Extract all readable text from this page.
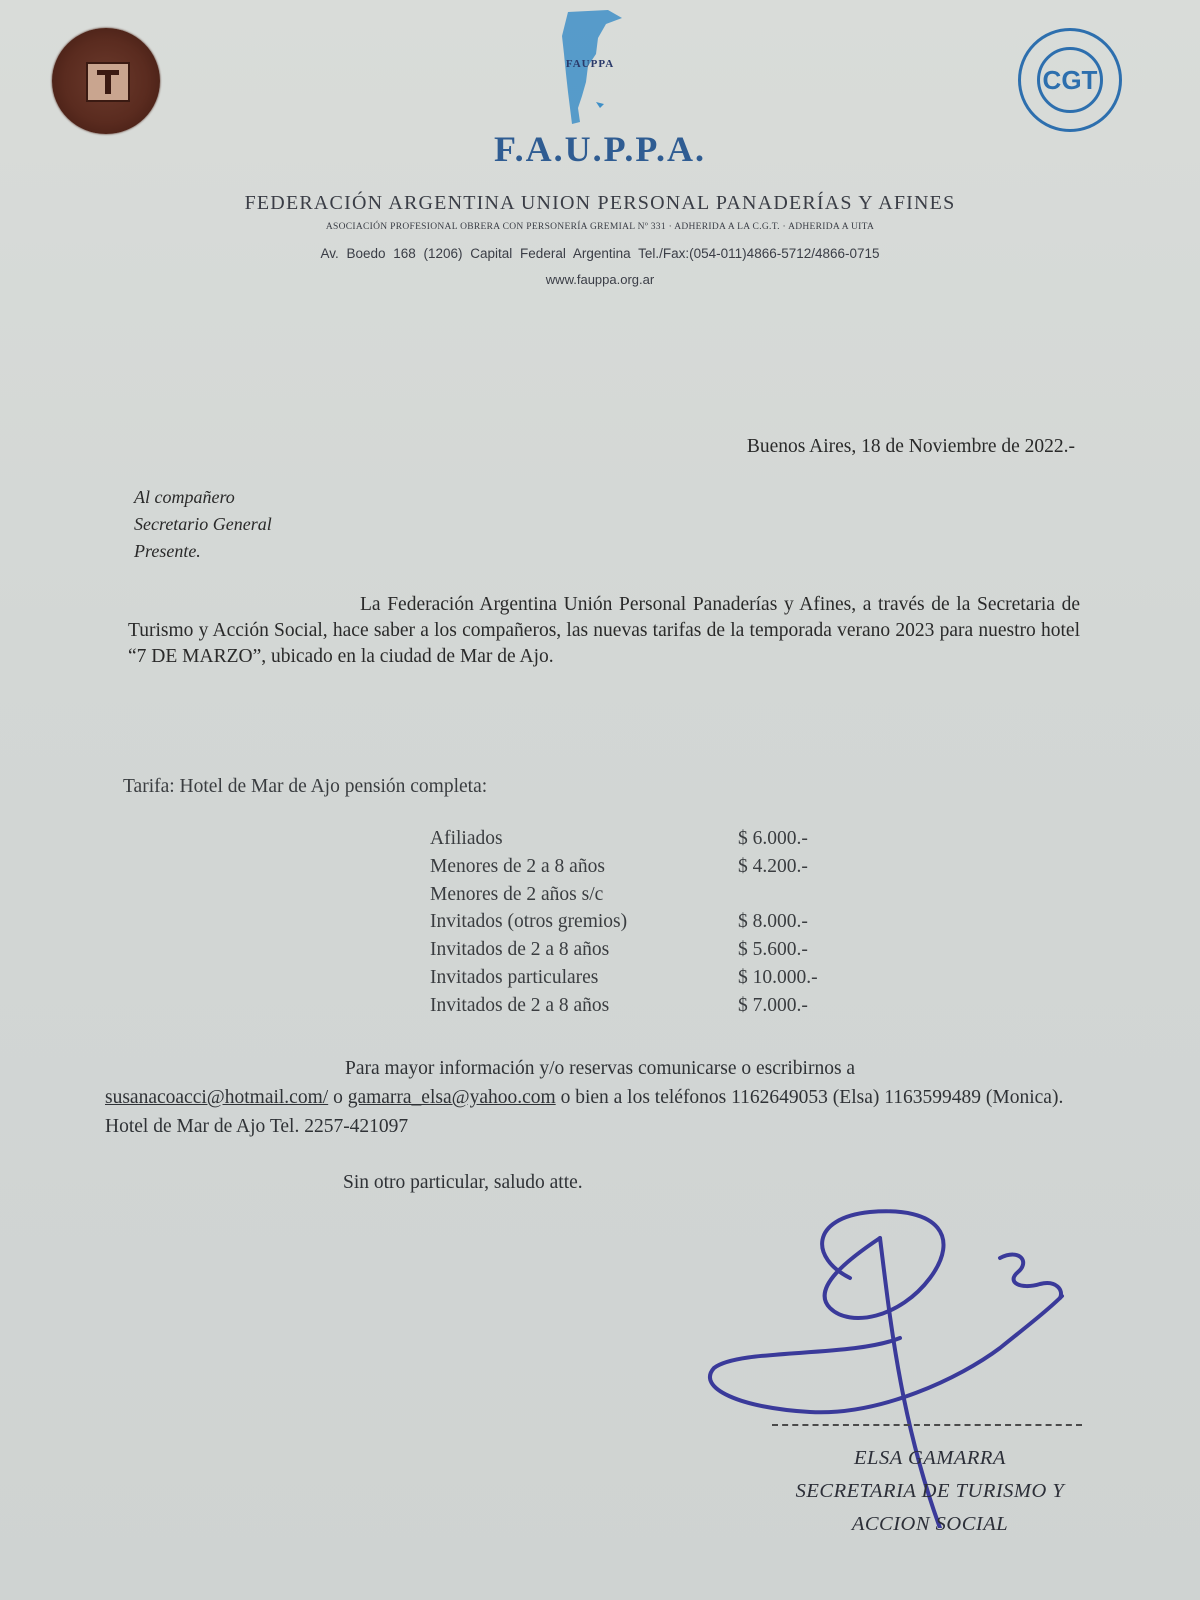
FAUPPA
F.A.U.P.P.A.
CGT
FEDERACIÓN ARGENTINA UNION PERSONAL PANADERÍAS Y AFINES
ASOCIACIÓN PROFESIONAL OBRERA CON PERSONERÍA GREMIAL Nº 331 · ADHERIDA A LA C.G.T. · ADHERIDA A UITA
Av. Boedo 168 (1206) Capital Federal Argentina Tel./Fax:(054-011)4866-5712/4866-0715
www.fauppa.org.ar
Buenos Aires, 18 de Noviembre de 2022.-
Al compañero
Secretario General
Presente.
La Federación Argentina Unión Personal Panaderías y Afines, a través de la Secretaria de Turismo y Acción Social, hace saber a los compañeros, las nuevas tarifas de la temporada verano 2023 para nuestro hotel “7 DE MARZO”, ubicado en la ciudad de Mar de Ajo.
Tarifa: Hotel de Mar de Ajo pensión completa:
Afiliados	$ 6.000.-
Menores de 2 a 8 años	$ 4.200.-
Menores de 2 años s/c
Invitados (otros gremios)	$ 8.000.-
Invitados de 2 a 8 años	$ 5.600.-
Invitados particulares	$ 10.000.-
Invitados de 2 a 8 años	$ 7.000.-
Para mayor información y/o reservas comunicarse o escribirnos a
susanacoacci@hotmail.com/ o gamarra_elsa@yahoo.com o bien a los teléfonos 1162649053 (Elsa) 1163599489 (Monica). Hotel de Mar de Ajo Tel. 2257-421097
Sin otro particular, saludo atte.
ELSA GAMARRA
SECRETARIA DE TURISMO Y
ACCION SOCIAL
